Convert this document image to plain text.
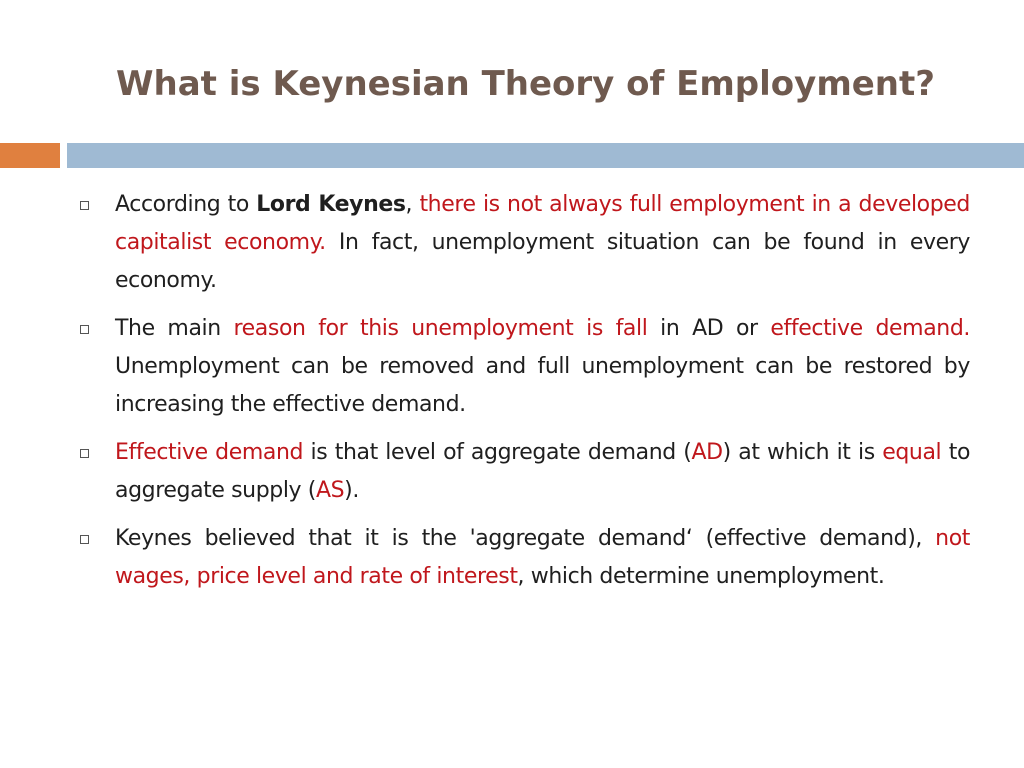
What is Keynesian Theory of Employment?
According to Lord Keynes, there is not always full employment in a developed capitalist economy. In fact, unemployment situation can be found in every economy.
The main reason for this unemployment is fall in AD or effective demand. Unemployment can be removed and full unemployment can be restored by increasing the effective demand.
Effective demand is that level of aggregate demand (AD) at which it is equal to aggregate supply (AS).
Keynes believed that it is the 'aggregate demand‘ (effective demand), not wages, price level and rate of interest, which determine unemployment.
